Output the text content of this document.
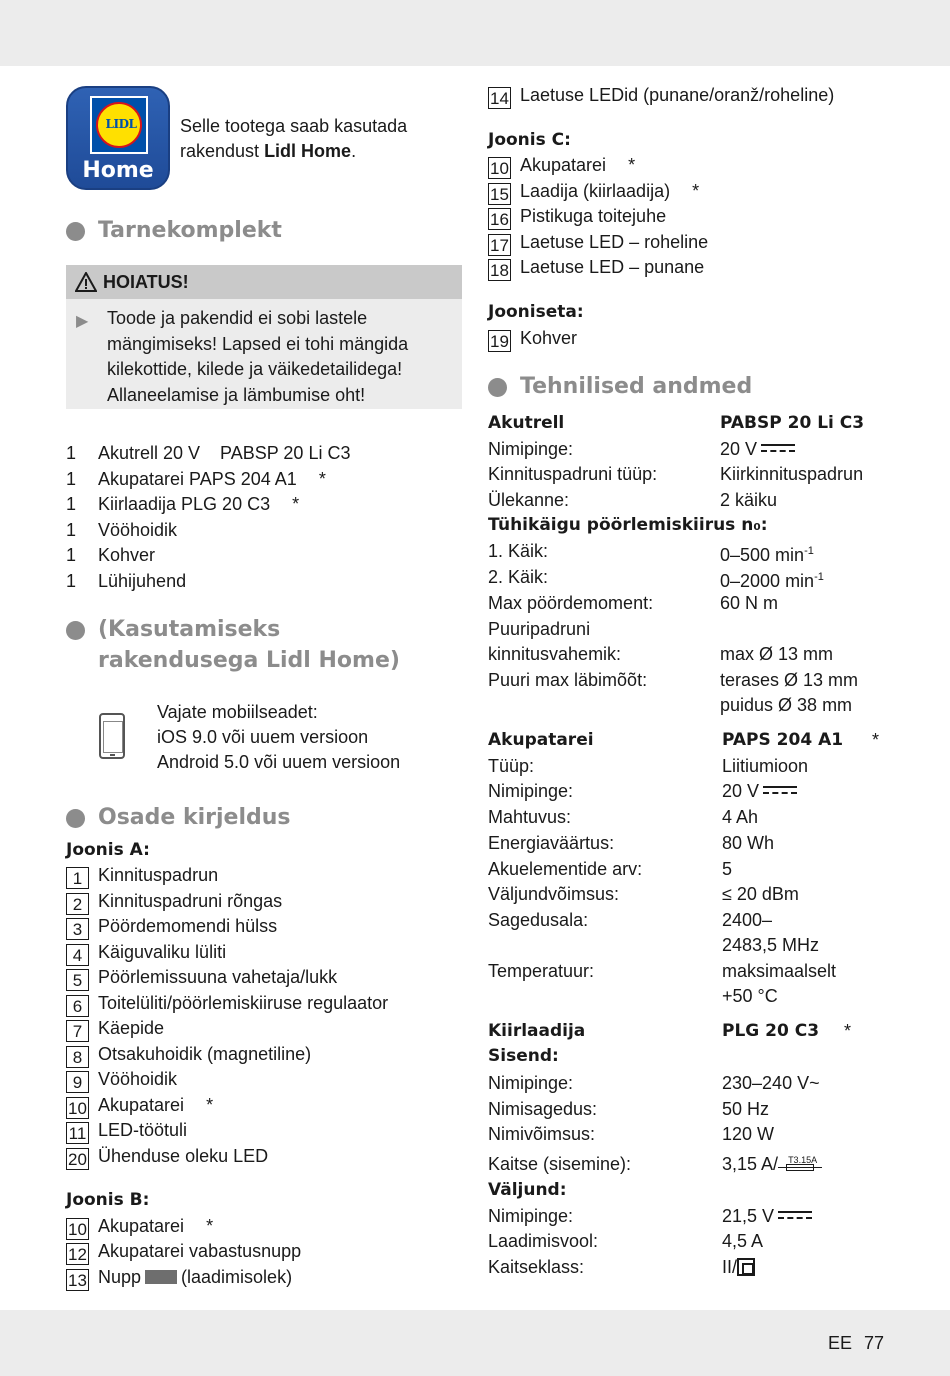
LIDL
Home
Selle tootega saab kasutada rakendust Lidl Home.
Tarnekomplekt
HOIATUS!
▶ Toode ja pakendid ei sobi lastele mängimiseks! Lapsed ei tohi mängida kilekottide, kilede ja väikedetailidega! Allaneelamise ja lämbumise oht!
1 Akutrell 20 V    PABSP 20 Li C3
1 Akupatarei PAPS 204 A1 *
1 Kiirlaadija PLG 20 C3 *
1 Vööhoidik
1 Kohver
1 Lühijuhend
(Kasutamiseks rakendusega Lidl Home)
Vajate mobiilseadet:
iOS 9.0 või uuem versioon
Android 5.0 või uuem versioon
Osade kirjeldus
Joonis A:
1 Kinnituspadrun
2 Kinnituspadruni rõngas
3 Pöördemomendi hülss
4 Käiguvaliku lüliti
5 Pöörlemissuuna vahetaja/lukk
6 Toitelüliti/pöörlemiskiiruse regulaator
7 Käepide
8 Otsakuhoidik (magnetiline)
9 Vööhoidik
10 Akupatarei *
11 LED-töötuli
20 Ühenduse oleku LED
Joonis B:
10 Akupatarei *
12 Akupatarei vabastusnupp
13 Nupp (laadimisolek)
14 Laetuse LEDid (punane/oranž/roheline)
Joonis C:
10 Akupatarei *
15 Laadija (kiirlaadija) *
16 Pistikuga toitejuhe
17 Laetuse LED – roheline
18 Laetuse LED – punane
Jooniseta:
19 Kohver
Tehnilised andmed
Akutrell	PABSP 20 Li C3
Nimipinge:	20 V
Kinnituspadruni tüüp:	Kiirkinnituspadrun
Ülekanne:	2 käiku
Tühikäigu pöörlemiskiirus n₀:
1. Käik:	0–500 $\min^{-1}$
2. Käik:	0–2000 $\min^{-1}$
Max pöördemoment:	60 N m
Puuripadruni
kinnitusvahemik:	max Ø 13 mm
Puuri max läbimõõt:	terases Ø 13 mm
puidus Ø 38 mm
Akupatarei	PAPS 204 A1 *
Tüüp:	Liitiumioon
Nimipinge:	20 V
Mahtuvus:	4 Ah
Energiaväärtus:	80 Wh
Akuelementide arv:	5
Väljundvõimsus:	≤ 20 dBm
Sagedusala:	2400–
2483,5 MHz
Temperatuur:	maksimaalselt
+50 °C
Kiirlaadija	PLG 20 C3 *
Sisend:
Nimipinge:	230–240 V~
Nimisagedus:	50 Hz
Nimivõimsus:	120 W
Kaitse (sisemine):	3,15 A/ T3.15A
Väljund:
Nimipinge:	21,5 V
Laadimisvool:	4,5 A
Kaitseklass:	II/
EE 77
